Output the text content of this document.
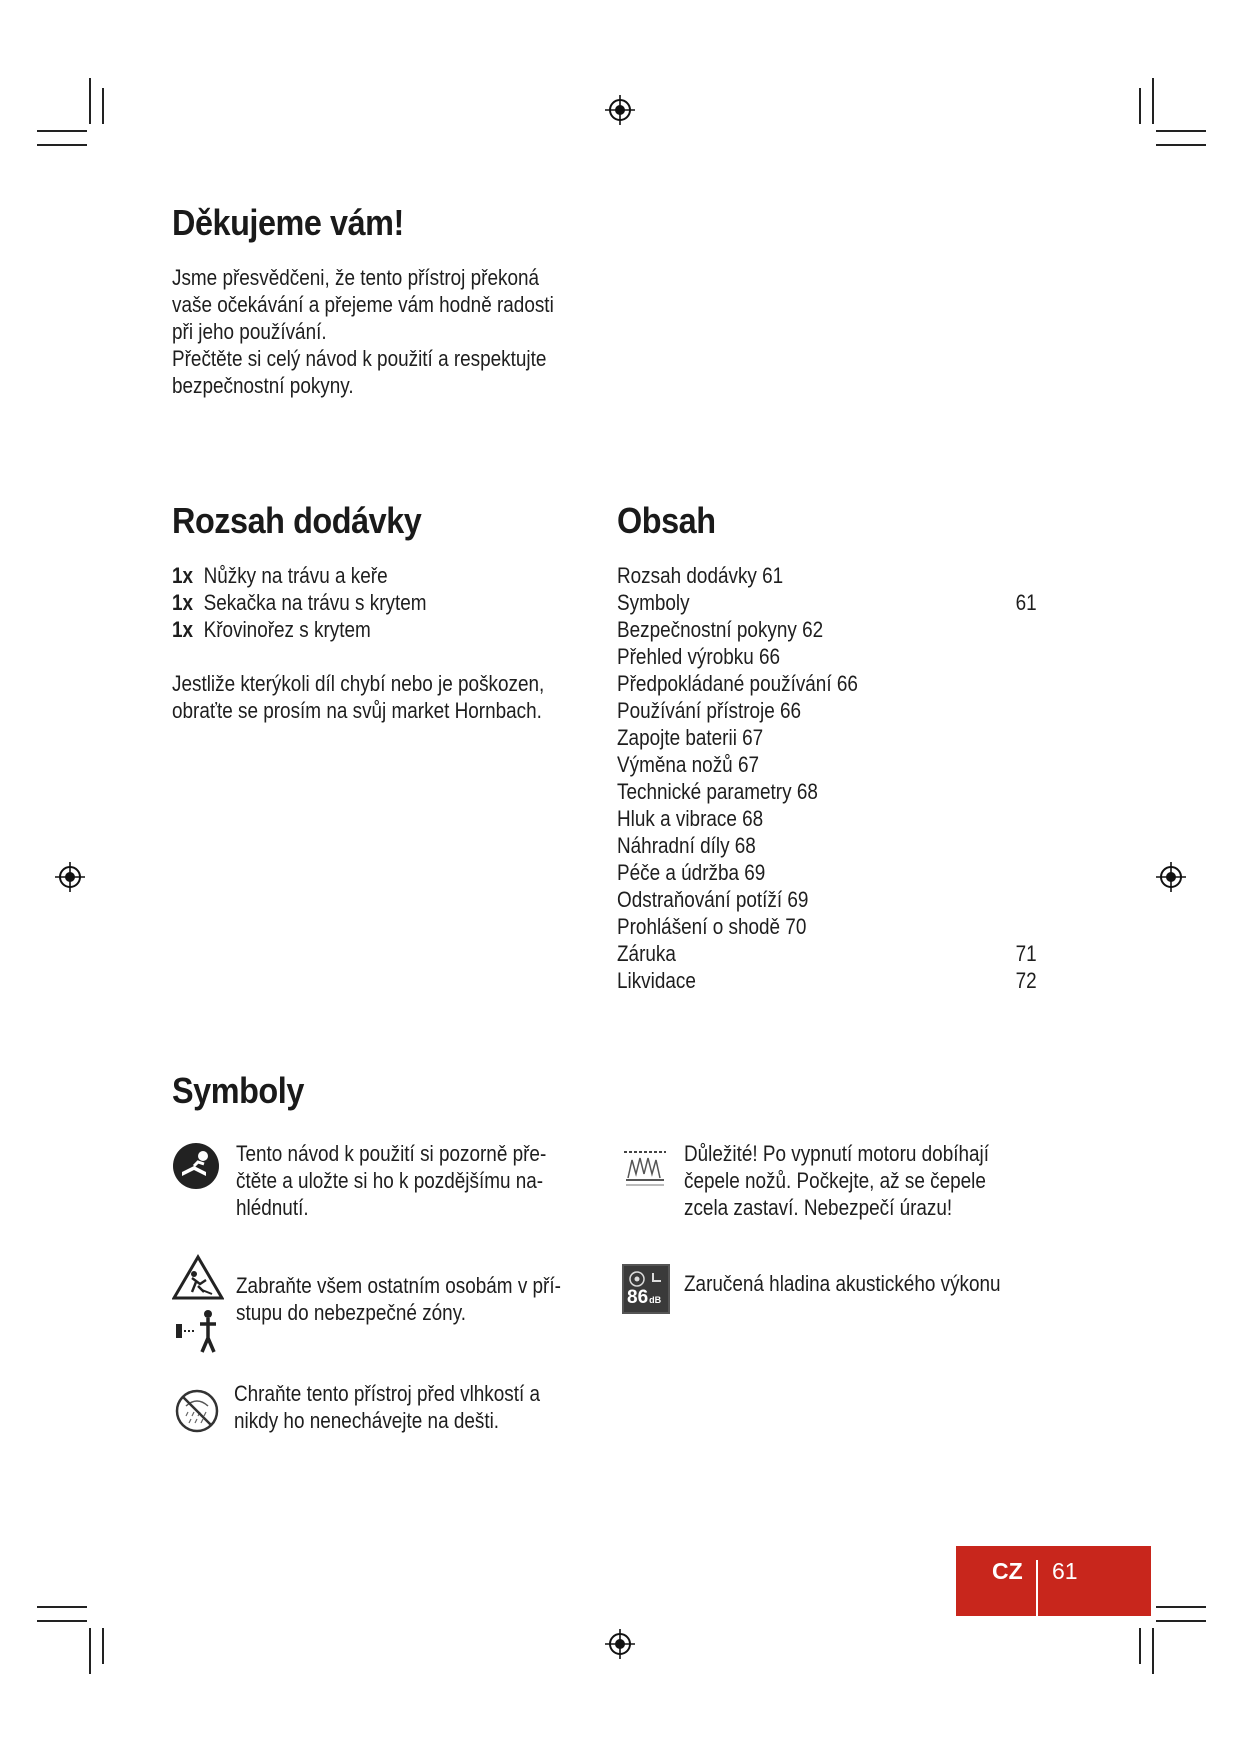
Děkujeme vám!
Jsme přesvědčeni, že tento přístroj překoná
vaše očekávání a přejeme vám hodně radosti
při jeho používání.
Přečtěte si celý návod k použití a respektujte
bezpečnostní pokyny.
Rozsah dodávky
1x Nůžky na trávu a keře
1x Sekačka na trávu s krytem
1x Křovinořez s krytem
Jestliže kterýkoli díl chybí nebo je poškozen,
obraťte se prosím na svůj market Hornbach.
Obsah
Rozsah dodávky 61
Symboly	61
Bezpečnostní pokyny 62
Přehled výrobku 66
Předpokládané používání 66
Používání přístroje 66
Zapojte baterii 67
Výměna nožů 67
Technické parametry 68
Hluk a vibrace 68
Náhradní díly 68
Péče a údržba 69
Odstraňování potíží 69
Prohlášení o shodě 70
Záruka	71
Likvidace	72
Symboly
Tento návod k použití si pozorně pře-
čtěte a uložte si ho k pozdějšímu na-
hlédnutí.
Důležité! Po vypnutí motoru dobíhají
čepele nožů. Počkejte, až se čepele
zcela zastaví. Nebezpečí úrazu!
Zabraňte všem ostatním osobám v pří-
stupu do nebezpečné zóny.
86dB
Zaručená hladina akustického výkonu
Chraňte tento přístroj před vlhkostí a
nikdy ho nenechávejte na dešti.
CZ 61
